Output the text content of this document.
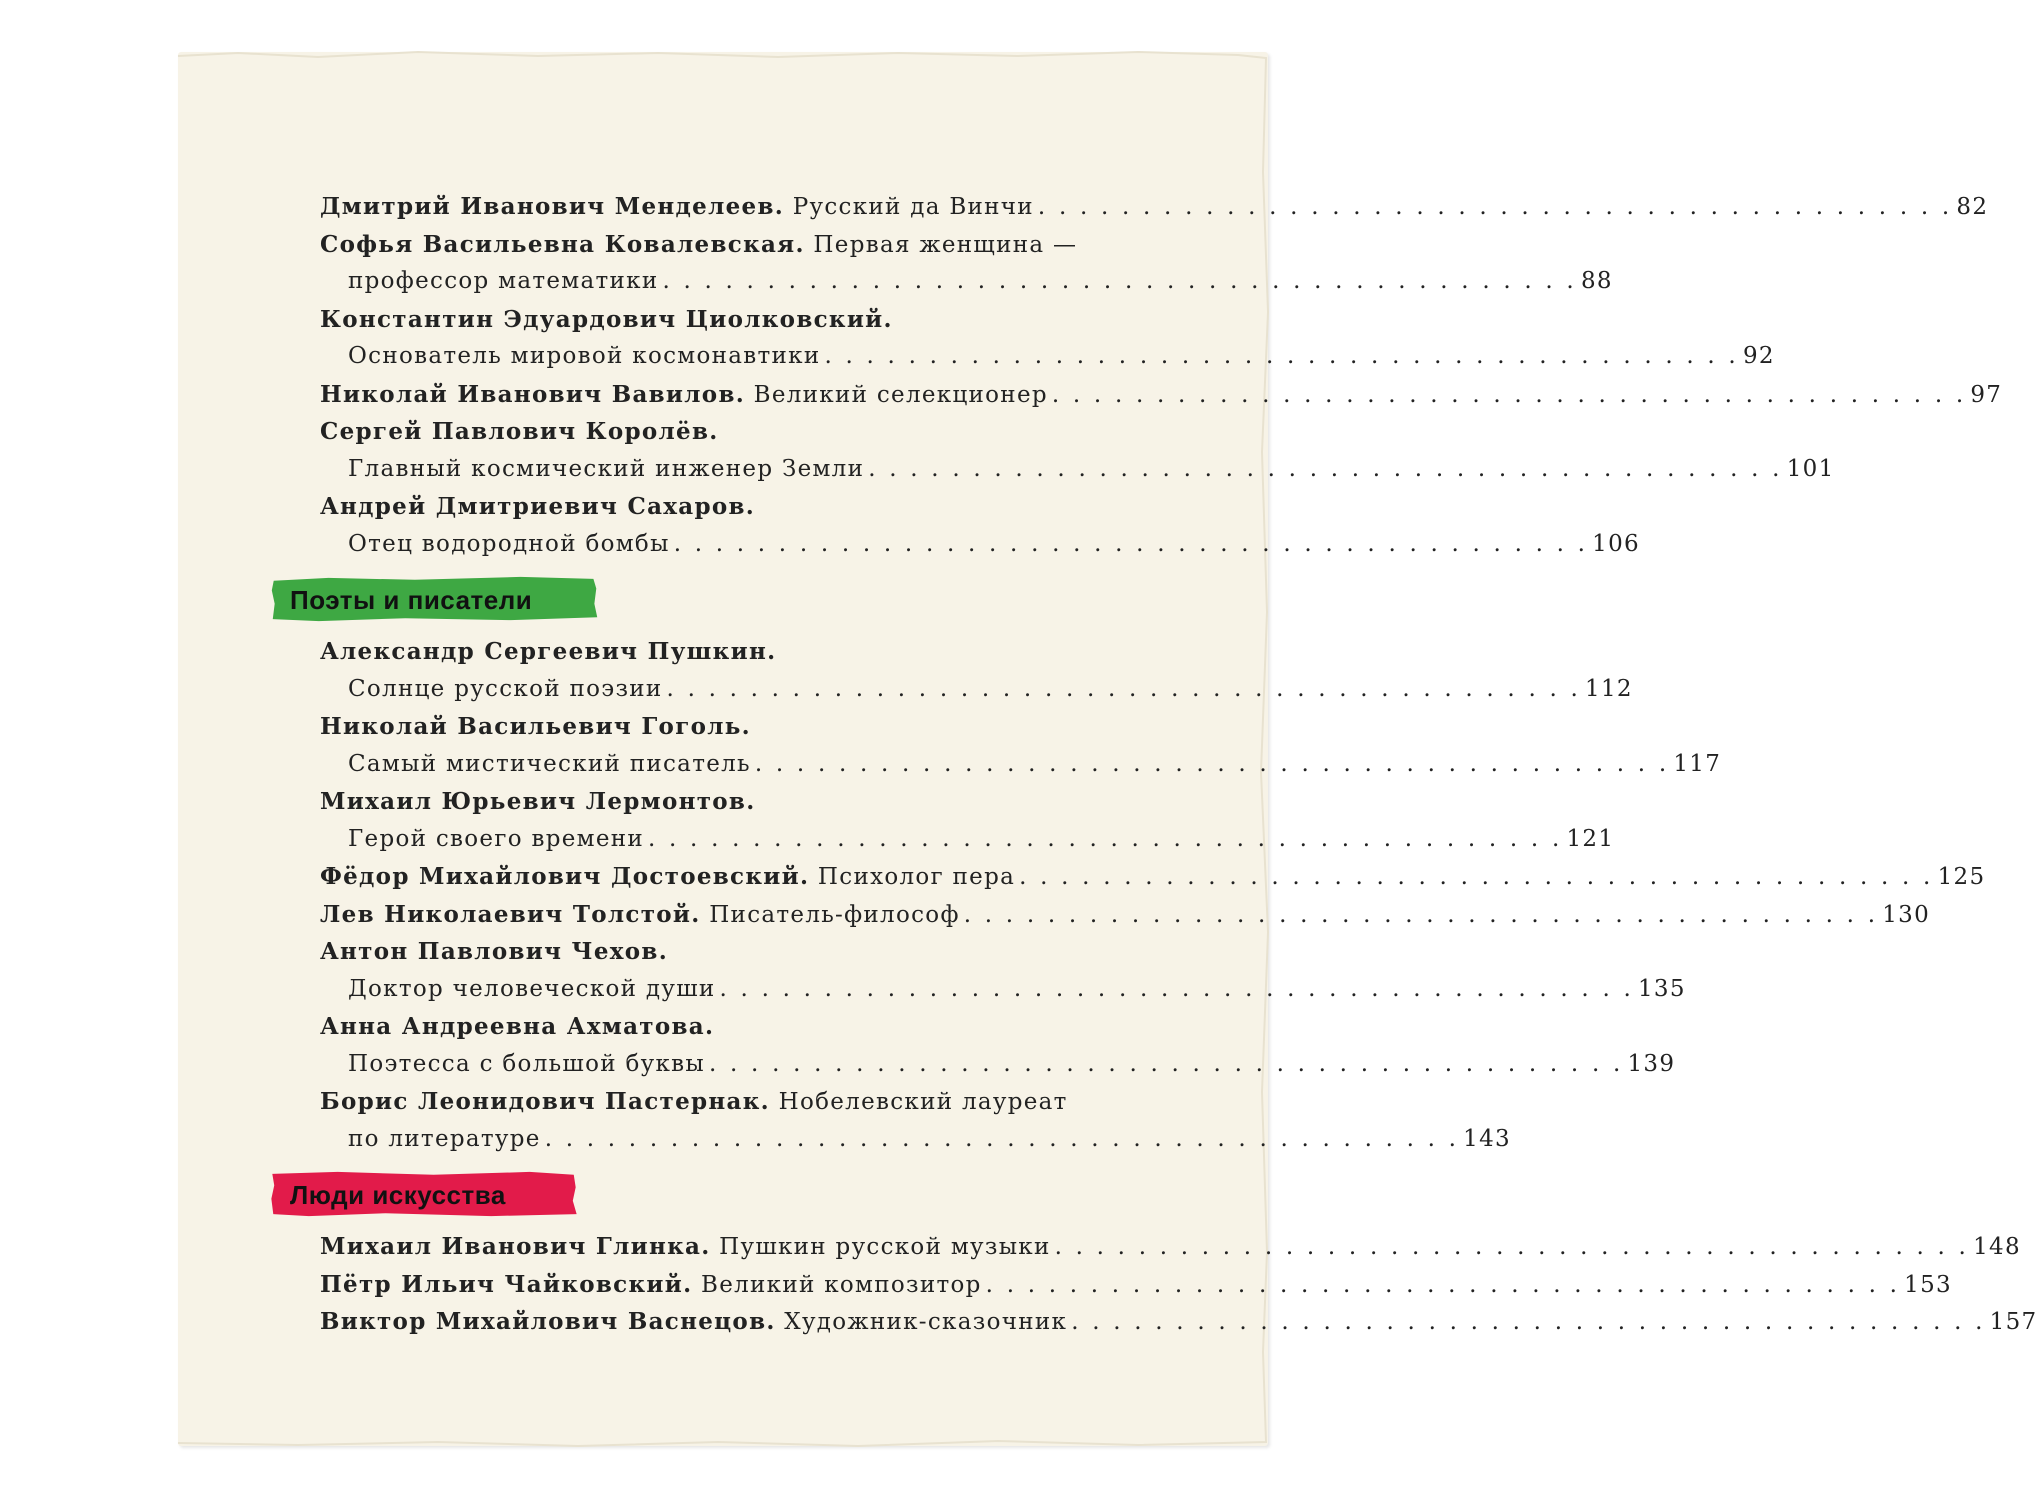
Дмитрий Иванович Менделеев.
Русский да Винчи . . . . . . . . . . . . . . . . . . . . . . . . . . . . . . . . . . . . . . . . . . . . 82
Софья Васильевна Ковалевская.
Первая женщина —
профессор математики . . . . . . . . . . . . . . . . . . . . . . . . . . . . . . . . . . . . . . . . . . . . 88
Константин Эдуардович Циолковский.
Основатель мировой космонавтики . . . . . . . . . . . . . . . . . . . . . . . . . . . . . . . . . . . . . . . . . . . . 92
Николай Иванович Вавилов.
Великий селекционер . . . . . . . . . . . . . . . . . . . . . . . . . . . . . . . . . . . . . . . . . . . . 97
Сергей Павлович Королёв.
Главный космический инженер Земли . . . . . . . . . . . . . . . . . . . . . . . . . . . . . . . . . . . . . . . . . . . . 101
Андрей Дмитриевич Сахаров.
Отец водородной бомбы . . . . . . . . . . . . . . . . . . . . . . . . . . . . . . . . . . . . . . . . . . . . 106
Поэты и писатели
Александр Сергеевич Пушкин.
Солнце русской поэзии . . . . . . . . . . . . . . . . . . . . . . . . . . . . . . . . . . . . . . . . . . . . 112
Николай Васильевич Гоголь.
Самый мистический писатель . . . . . . . . . . . . . . . . . . . . . . . . . . . . . . . . . . . . . . . . . . . . 117
Михаил Юрьевич Лермонтов.
Герой своего времени . . . . . . . . . . . . . . . . . . . . . . . . . . . . . . . . . . . . . . . . . . . . 121
Фёдор Михайлович Достоевский.
Психолог пера . . . . . . . . . . . . . . . . . . . . . . . . . . . . . . . . . . . . . . . . . . . . 125
Лев Николаевич Толстой.
Писатель-философ . . . . . . . . . . . . . . . . . . . . . . . . . . . . . . . . . . . . . . . . . . . . 130
Антон Павлович Чехов.
Доктор человеческой души . . . . . . . . . . . . . . . . . . . . . . . . . . . . . . . . . . . . . . . . . . . . 135
Анна Андреевна Ахматова.
Поэтесса с большой буквы . . . . . . . . . . . . . . . . . . . . . . . . . . . . . . . . . . . . . . . . . . . . 139
Борис Леонидович Пастернак.
Нобелевский лауреат
по литературе . . . . . . . . . . . . . . . . . . . . . . . . . . . . . . . . . . . . . . . . . . . . 143
Люди искусства
Михаил Иванович Глинка.
Пушкин русской музыки . . . . . . . . . . . . . . . . . . . . . . . . . . . . . . . . . . . . . . . . . . . . 148
Пётр Ильич Чайковский.
Великий композитор . . . . . . . . . . . . . . . . . . . . . . . . . . . . . . . . . . . . . . . . . . . . 153
Виктор Михайлович Васнецов.
Художник-сказочник . . . . . . . . . . . . . . . . . . . . . . . . . . . . . . . . . . . . . . . . . . . . 157
